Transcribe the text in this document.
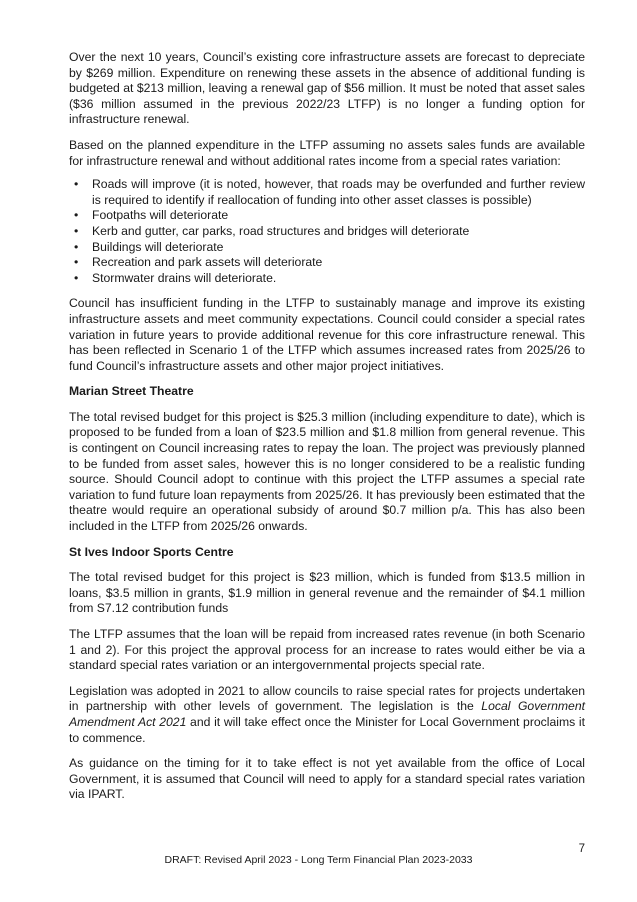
Over the next 10 years, Council’s existing core infrastructure assets are forecast to depreciate by $269 million. Expenditure on renewing these assets in the absence of additional funding is budgeted at $213 million, leaving a renewal gap of $56 million. It must be noted that asset sales ($36 million assumed in the previous 2022/23 LTFP) is no longer a funding option for infrastructure renewal.

Based on the planned expenditure in the LTFP assuming no assets sales funds are available for infrastructure renewal and without additional rates income from a special rates variation:

• Roads will improve (it is noted, however, that roads may be overfunded and further review is required to identify if reallocation of funding into other asset classes is possible)
• Footpaths will deteriorate
• Kerb and gutter, car parks, road structures and bridges will deteriorate
• Buildings will deteriorate
• Recreation and park assets will deteriorate
• Stormwater drains will deteriorate.

Council has insufficient funding in the LTFP to sustainably manage and improve its existing infrastructure assets and meet community expectations. Council could consider a special rates variation in future years to provide additional revenue for this core infrastructure renewal. This has been reflected in Scenario 1 of the LTFP which assumes increased rates from 2025/26 to fund Council’s infrastructure assets and other major project initiatives.

Marian Street Theatre

The total revised budget for this project is $25.3 million (including expenditure to date), which is proposed to be funded from a loan of $23.5 million and $1.8 million from general revenue. This is contingent on Council increasing rates to repay the loan. The project was previously planned to be funded from asset sales, however this is no longer considered to be a realistic funding source. Should Council adopt to continue with this project the LTFP assumes a special rate variation to fund future loan repayments from 2025/26. It has previously been estimated that the theatre would require an operational subsidy of around $0.7 million p/a. This has also been included in the LTFP from 2025/26 onwards.

St Ives Indoor Sports Centre

The total revised budget for this project is $23 million, which is funded from $13.5 million in loans, $3.5 million in grants, $1.9 million in general revenue and the remainder of $4.1 million from S7.12 contribution funds

The LTFP assumes that the loan will be repaid from increased rates revenue (in both Scenario 1 and 2). For this project the approval process for an increase to rates would either be via a standard special rates variation or an intergovernmental projects special rate.

Legislation was adopted in 2021 to allow councils to raise special rates for projects undertaken in partnership with other levels of government. The legislation is the Local Government Amendment Act 2021 and it will take effect once the Minister for Local Government proclaims it to commence.

As guidance on the timing for it to take effect is not yet available from the office of Local Government, it is assumed that Council will need to apply for a standard special rates variation via IPART.

7
DRAFT: Revised April 2023 - Long Term Financial Plan 2023-2033
